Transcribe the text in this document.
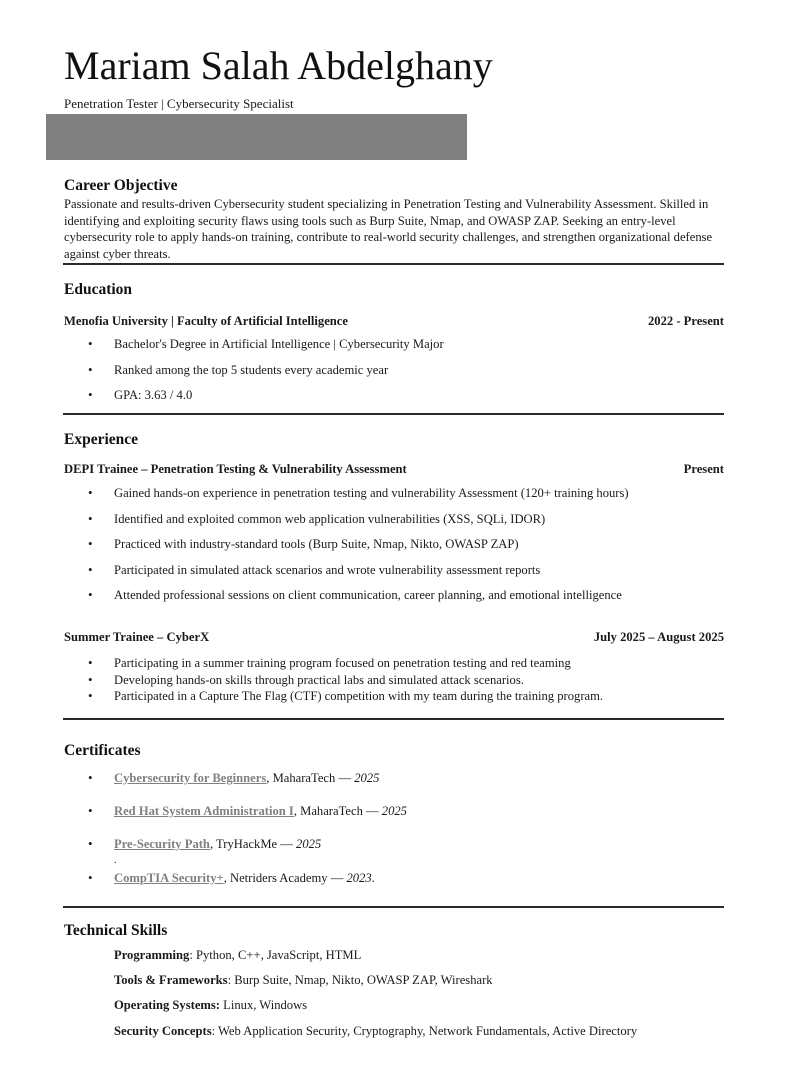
Mariam Salah Abdelghany
Penetration Tester | Cybersecurity Specialist
Career Objective
Passionate and results-driven Cybersecurity student specializing in Penetration Testing and Vulnerability Assessment. Skilled in identifying and exploiting security flaws using tools such as Burp Suite, Nmap, and OWASP ZAP. Seeking an entry-level cybersecurity role to apply hands-on training, contribute to real-world security challenges, and strengthen organizational defense against cyber threats.
Education
Menofia University | Faculty of Artificial Intelligence	2022 - Present
• Bachelor's Degree in Artificial Intelligence | Cybersecurity Major
• Ranked among the top 5 students every academic year
• GPA: 3.63 / 4.0
Experience
DEPI Trainee – Penetration Testing & Vulnerability Assessment	Present
• Gained hands-on experience in penetration testing and vulnerability Assessment (120+ training hours)
• Identified and exploited common web application vulnerabilities (XSS, SQLi, IDOR)
• Practiced with industry-standard tools (Burp Suite, Nmap, Nikto, OWASP ZAP)
• Participated in simulated attack scenarios and wrote vulnerability assessment reports
• Attended professional sessions on client communication, career planning, and emotional intelligence
Summer Trainee – CyberX	July 2025 – August 2025
• Participating in a summer training program focused on penetration testing and red teaming
• Developing hands-on skills through practical labs and simulated attack scenarios.
• Participated in a Capture The Flag (CTF) competition with my team during the training program.
Certificates
• Cybersecurity for Beginners, MaharaTech — 2025
• Red Hat System Administration I, MaharaTech — 2025
• Pre-Security Path, TryHackMe — 2025
• CompTIA Security+, Netriders Academy — 2023.
.
Technical Skills
Programming: Python, C++, JavaScript, HTML
Tools & Frameworks: Burp Suite, Nmap, Nikto, OWASP ZAP, Wireshark
Operating Systems: Linux, Windows
Security Concepts: Web Application Security, Cryptography, Network Fundamentals, Active Directory
